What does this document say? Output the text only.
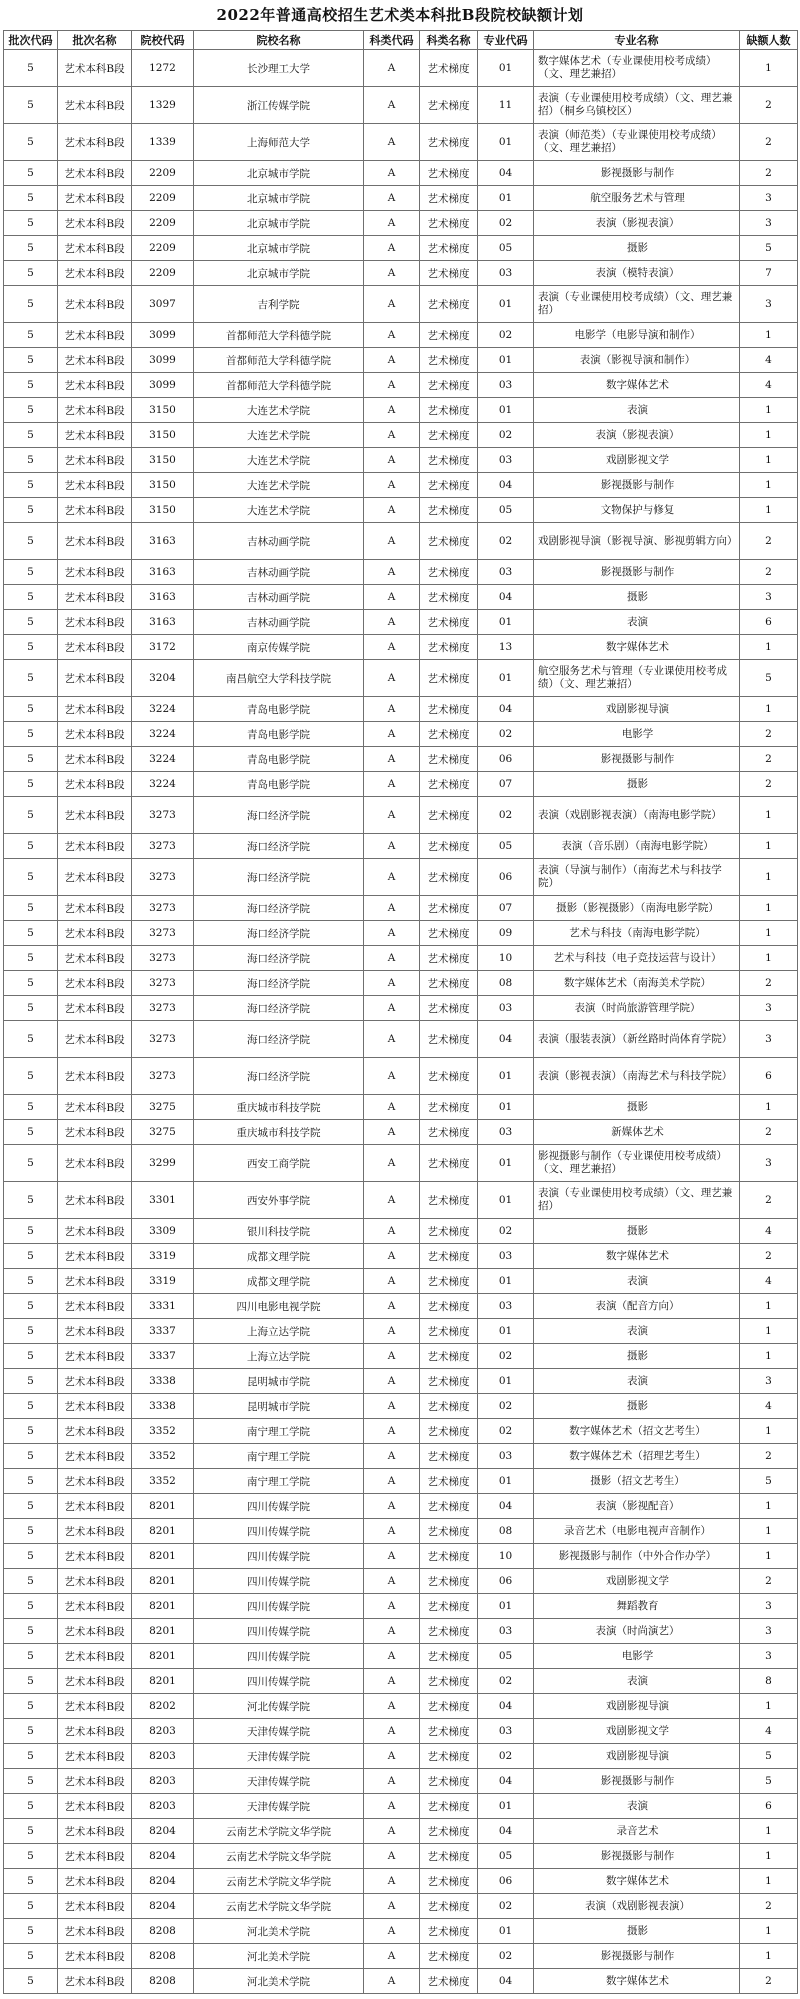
2022年普通高校招生艺术类本科批B段院校缺额计划
批次代码	批次名称	院校代码	院校名称	科类代码	科类名称	专业代码	专业名称	缺额人数
5	艺术本科B段	1272	长沙理工大学	A	艺术梯度	01	数字媒体艺术（专业课使用校考成绩）（文、理艺兼招）	1
5	艺术本科B段	1329	浙江传媒学院	A	艺术梯度	11	表演（专业课使用校考成绩）（文、理艺兼招）（桐乡乌镇校区）	2
5	艺术本科B段	1339	上海师范大学	A	艺术梯度	01	表演（师范类）（专业课使用校考成绩）（文、理艺兼招）	2
5	艺术本科B段	2209	北京城市学院	A	艺术梯度	04	影视摄影与制作	2
5	艺术本科B段	2209	北京城市学院	A	艺术梯度	01	航空服务艺术与管理	3
5	艺术本科B段	2209	北京城市学院	A	艺术梯度	02	表演（影视表演）	3
5	艺术本科B段	2209	北京城市学院	A	艺术梯度	05	摄影	5
5	艺术本科B段	2209	北京城市学院	A	艺术梯度	03	表演（模特表演）	7
5	艺术本科B段	3097	吉利学院	A	艺术梯度	01	表演（专业课使用校考成绩）（文、理艺兼招）	3
5	艺术本科B段	3099	首都师范大学科德学院	A	艺术梯度	02	电影学（电影导演和制作）	1
5	艺术本科B段	3099	首都师范大学科德学院	A	艺术梯度	01	表演（影视导演和制作）	4
5	艺术本科B段	3099	首都师范大学科德学院	A	艺术梯度	03	数字媒体艺术	4
5	艺术本科B段	3150	大连艺术学院	A	艺术梯度	01	表演	1
5	艺术本科B段	3150	大连艺术学院	A	艺术梯度	02	表演（影视表演）	1
5	艺术本科B段	3150	大连艺术学院	A	艺术梯度	03	戏剧影视文学	1
5	艺术本科B段	3150	大连艺术学院	A	艺术梯度	04	影视摄影与制作	1
5	艺术本科B段	3150	大连艺术学院	A	艺术梯度	05	文物保护与修复	1
5	艺术本科B段	3163	吉林动画学院	A	艺术梯度	02	戏剧影视导演（影视导演、影视剪辑方向）	2
5	艺术本科B段	3163	吉林动画学院	A	艺术梯度	03	影视摄影与制作	2
5	艺术本科B段	3163	吉林动画学院	A	艺术梯度	04	摄影	3
5	艺术本科B段	3163	吉林动画学院	A	艺术梯度	01	表演	6
5	艺术本科B段	3172	南京传媒学院	A	艺术梯度	13	数字媒体艺术	1
5	艺术本科B段	3204	南昌航空大学科技学院	A	艺术梯度	01	航空服务艺术与管理（专业课使用校考成绩）（文、理艺兼招）	5
5	艺术本科B段	3224	青岛电影学院	A	艺术梯度	04	戏剧影视导演	1
5	艺术本科B段	3224	青岛电影学院	A	艺术梯度	02	电影学	2
5	艺术本科B段	3224	青岛电影学院	A	艺术梯度	06	影视摄影与制作	2
5	艺术本科B段	3224	青岛电影学院	A	艺术梯度	07	摄影	2
5	艺术本科B段	3273	海口经济学院	A	艺术梯度	02	表演（戏剧影视表演）（南海电影学院）	1
5	艺术本科B段	3273	海口经济学院	A	艺术梯度	05	表演（音乐剧）（南海电影学院）	1
5	艺术本科B段	3273	海口经济学院	A	艺术梯度	06	表演（导演与制作）（南海艺术与科技学院）	1
5	艺术本科B段	3273	海口经济学院	A	艺术梯度	07	摄影（影视摄影）（南海电影学院）	1
5	艺术本科B段	3273	海口经济学院	A	艺术梯度	09	艺术与科技（南海电影学院）	1
5	艺术本科B段	3273	海口经济学院	A	艺术梯度	10	艺术与科技（电子竞技运营与设计）	1
5	艺术本科B段	3273	海口经济学院	A	艺术梯度	08	数字媒体艺术（南海美术学院）	2
5	艺术本科B段	3273	海口经济学院	A	艺术梯度	03	表演（时尚旅游管理学院）	3
5	艺术本科B段	3273	海口经济学院	A	艺术梯度	04	表演（服装表演）（新丝路时尚体育学院）	3
5	艺术本科B段	3273	海口经济学院	A	艺术梯度	01	表演（影视表演）（南海艺术与科技学院）	6
5	艺术本科B段	3275	重庆城市科技学院	A	艺术梯度	01	摄影	1
5	艺术本科B段	3275	重庆城市科技学院	A	艺术梯度	03	新媒体艺术	2
5	艺术本科B段	3299	西安工商学院	A	艺术梯度	01	影视摄影与制作（专业课使用校考成绩）（文、理艺兼招）	3
5	艺术本科B段	3301	西安外事学院	A	艺术梯度	01	表演（专业课使用校考成绩）（文、理艺兼招）	2
5	艺术本科B段	3309	银川科技学院	A	艺术梯度	02	摄影	4
5	艺术本科B段	3319	成都文理学院	A	艺术梯度	03	数字媒体艺术	2
5	艺术本科B段	3319	成都文理学院	A	艺术梯度	01	表演	4
5	艺术本科B段	3331	四川电影电视学院	A	艺术梯度	03	表演（配音方向）	1
5	艺术本科B段	3337	上海立达学院	A	艺术梯度	01	表演	1
5	艺术本科B段	3337	上海立达学院	A	艺术梯度	02	摄影	1
5	艺术本科B段	3338	昆明城市学院	A	艺术梯度	01	表演	3
5	艺术本科B段	3338	昆明城市学院	A	艺术梯度	02	摄影	4
5	艺术本科B段	3352	南宁理工学院	A	艺术梯度	02	数字媒体艺术（招文艺考生）	1
5	艺术本科B段	3352	南宁理工学院	A	艺术梯度	03	数字媒体艺术（招理艺考生）	2
5	艺术本科B段	3352	南宁理工学院	A	艺术梯度	01	摄影（招文艺考生）	5
5	艺术本科B段	8201	四川传媒学院	A	艺术梯度	04	表演（影视配音）	1
5	艺术本科B段	8201	四川传媒学院	A	艺术梯度	08	录音艺术（电影电视声音制作）	1
5	艺术本科B段	8201	四川传媒学院	A	艺术梯度	10	影视摄影与制作（中外合作办学）	1
5	艺术本科B段	8201	四川传媒学院	A	艺术梯度	06	戏剧影视文学	2
5	艺术本科B段	8201	四川传媒学院	A	艺术梯度	01	舞蹈教育	3
5	艺术本科B段	8201	四川传媒学院	A	艺术梯度	03	表演（时尚演艺）	3
5	艺术本科B段	8201	四川传媒学院	A	艺术梯度	05	电影学	3
5	艺术本科B段	8201	四川传媒学院	A	艺术梯度	02	表演	8
5	艺术本科B段	8202	河北传媒学院	A	艺术梯度	04	戏剧影视导演	1
5	艺术本科B段	8203	天津传媒学院	A	艺术梯度	03	戏剧影视文学	4
5	艺术本科B段	8203	天津传媒学院	A	艺术梯度	02	戏剧影视导演	5
5	艺术本科B段	8203	天津传媒学院	A	艺术梯度	04	影视摄影与制作	5
5	艺术本科B段	8203	天津传媒学院	A	艺术梯度	01	表演	6
5	艺术本科B段	8204	云南艺术学院文华学院	A	艺术梯度	04	录音艺术	1
5	艺术本科B段	8204	云南艺术学院文华学院	A	艺术梯度	05	影视摄影与制作	1
5	艺术本科B段	8204	云南艺术学院文华学院	A	艺术梯度	06	数字媒体艺术	1
5	艺术本科B段	8204	云南艺术学院文华学院	A	艺术梯度	02	表演（戏剧影视表演）	2
5	艺术本科B段	8208	河北美术学院	A	艺术梯度	01	摄影	1
5	艺术本科B段	8208	河北美术学院	A	艺术梯度	02	影视摄影与制作	1
5	艺术本科B段	8208	河北美术学院	A	艺术梯度	04	数字媒体艺术	2
